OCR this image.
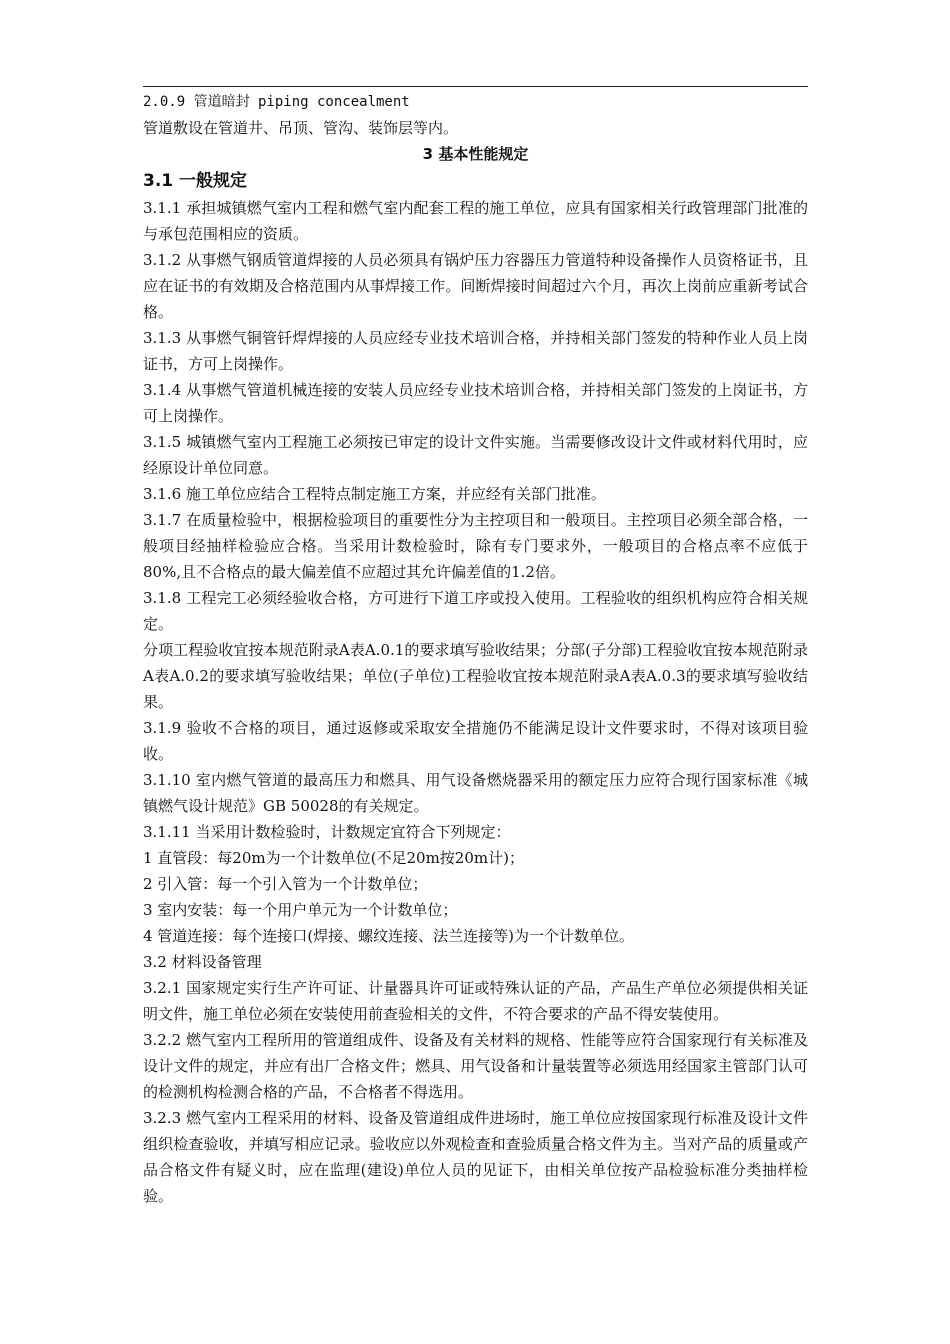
2.0.9 管道暗封 piping concealment

管道敷设在管道井、吊顶、管沟、装饰层等内。

3 基本性能规定

3.1 一般规定

3.1.1 承担城镇燃气室内工程和燃气室内配套工程的施工单位，应具有国家相关行政管理部门批准的与承包范围相应的资质。

3.1.2 从事燃气钢质管道焊接的人员必须具有锅炉压力容器压力管道特种设备操作人员资格证书，且应在证书的有效期及合格范围内从事焊接工作。间断焊接时间超过六个月，再次上岗前应重新考试合格。

3.1.3 从事燃气铜管钎焊焊接的人员应经专业技术培训合格，并持相关部门签发的特种作业人员上岗证书，方可上岗操作。

3.1.4 从事燃气管道机械连接的安装人员应经专业技术培训合格，并持相关部门签发的上岗证书，方可上岗操作。

3.1.5 城镇燃气室内工程施工必须按已审定的设计文件实施。当需要修改设计文件或材料代用时，应经原设计单位同意。

3.1.6 施工单位应结合工程特点制定施工方案，并应经有关部门批准。

3.1.7 在质量检验中，根据检验项目的重要性分为主控项目和一般项目。主控项目必须全部合格，一般项目经抽样检验应合格。当采用计数检验时，除有专门要求外，一般项目的合格点率不应低于80%,且不合格点的最大偏差值不应超过其允许偏差值的1.2倍。

3.1.8 工程完工必须经验收合格，方可进行下道工序或投入使用。工程验收的组织机构应符合相关规定。

分项工程验收宜按本规范附录A表A.0.1的要求填写验收结果；分部(子分部)工程验收宜按本规范附录A表A.0.2的要求填写验收结果；单位(子单位)工程验收宜按本规范附录A表A.0.3的要求填写验收结果。

3.1.9 验收不合格的项目，通过返修或采取安全措施仍不能满足设计文件要求时，不得对该项目验收。

3.1.10 室内燃气管道的最高压力和燃具、用气设备燃烧器采用的额定压力应符合现行国家标准《城镇燃气设计规范》GB 50028的有关规定。

3.1.11 当采用计数检验时，计数规定宜符合下列规定：

1 直管段：每20m为一个计数单位(不足20m按20m计)；

2 引入管：每一个引入管为一个计数单位；

3 室内安装：每一个用户单元为一个计数单位；

4 管道连接：每个连接口(焊接、螺纹连接、法兰连接等)为一个计数单位。

3.2 材料设备管理

3.2.1 国家规定实行生产许可证、计量器具许可证或特殊认证的产品，产品生产单位必须提供相关证明文件，施工单位必须在安装使用前查验相关的文件，不符合要求的产品不得安装使用。

3.2.2 燃气室内工程所用的管道组成件、设备及有关材料的规格、性能等应符合国家现行有关标准及设计文件的规定，并应有出厂合格文件；燃具、用气设备和计量装置等必须选用经国家主管部门认可的检测机构检测合格的产品，不合格者不得选用。

3.2.3 燃气室内工程采用的材料、设备及管道组成件进场时，施工单位应按国家现行标准及设计文件组织检查验收，并填写相应记录。验收应以外观检查和查验质量合格文件为主。当对产品的质量或产品合格文件有疑义时，应在监理(建设)单位人员的见证下，由相关单位按产品检验标准分类抽样检验。
